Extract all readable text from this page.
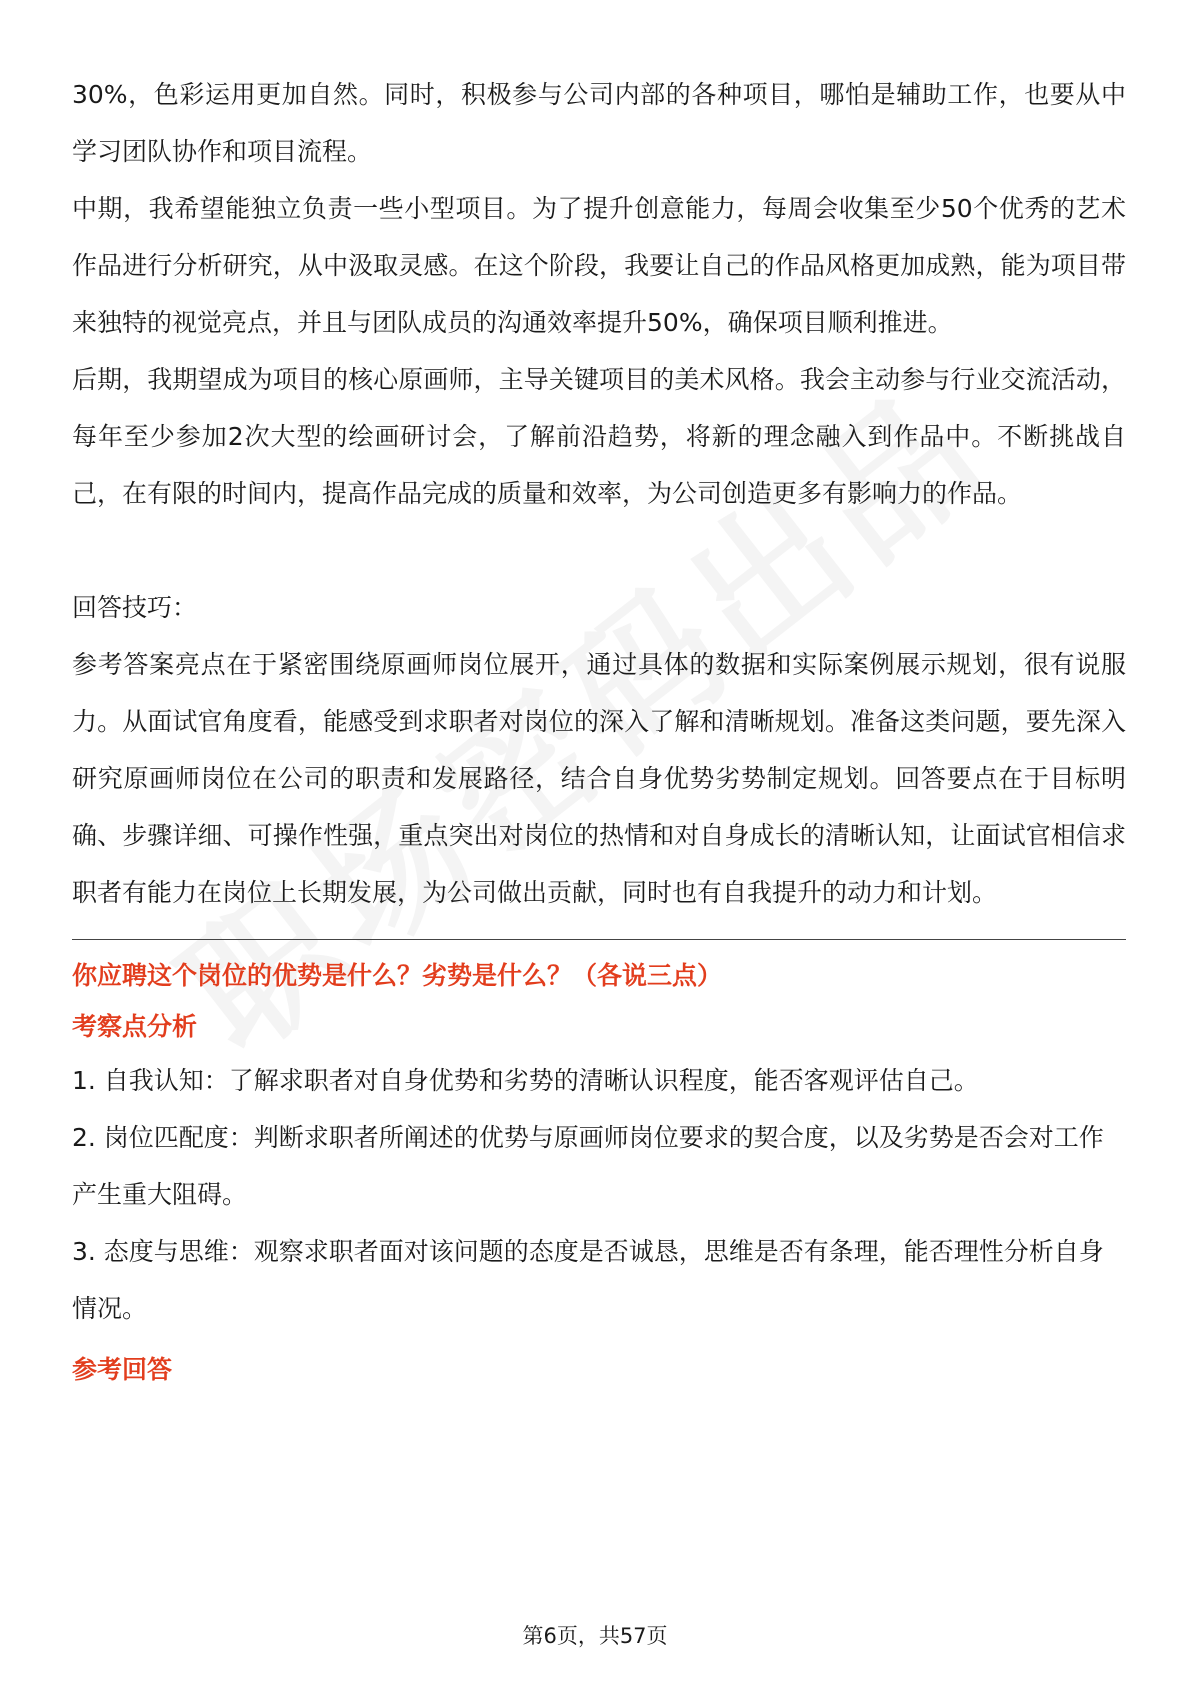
30%，色彩运用更加自然。同时，积极参与公司内部的各种项目，哪怕是辅助工作，也要从中学习团队协作和项目流程。

中期，我希望能独立负责一些小型项目。为了提升创意能力，每周会收集至少50个优秀的艺术作品进行分析研究，从中汲取灵感。在这个阶段，我要让自己的作品风格更加成熟，能为项目带来独特的视觉亮点，并且与团队成员的沟通效率提升50%，确保项目顺利推进。

后期，我期望成为项目的核心原画师，主导关键项目的美术风格。我会主动参与行业交流活动，每年至少参加2次大型的绘画研讨会，了解前沿趋势，将新的理念融入到作品中。不断挑战自己，在有限的时间内，提高作品完成的质量和效率，为公司创造更多有影响力的作品。

回答技巧：

参考答案亮点在于紧密围绕原画师岗位展开，通过具体的数据和实际案例展示规划，很有说服力。从面试官角度看，能感受到求职者对岗位的深入了解和清晰规划。准备这类问题，要先深入研究原画师岗位在公司的职责和发展路径，结合自身优势劣势制定规划。回答要点在于目标明确、步骤详细、可操作性强，重点突出对岗位的热情和对自身成长的清晰认知，让面试官相信求职者有能力在岗位上长期发展，为公司做出贡献，同时也有自我提升的动力和计划。

你应聘这个岗位的优势是什么？劣势是什么？（各说三点）

考察点分析

1. 自我认知：了解求职者对自身优势和劣势的清晰认识程度，能否客观评估自己。

2. 岗位匹配度：判断求职者所阐述的优势与原画师岗位要求的契合度，以及劣势是否会对工作产生重大阻碍。

3. 态度与思维：观察求职者面对该问题的态度是否诚恳，思维是否有条理，能否理性分析自身情况。

参考回答

第6页，共57页
